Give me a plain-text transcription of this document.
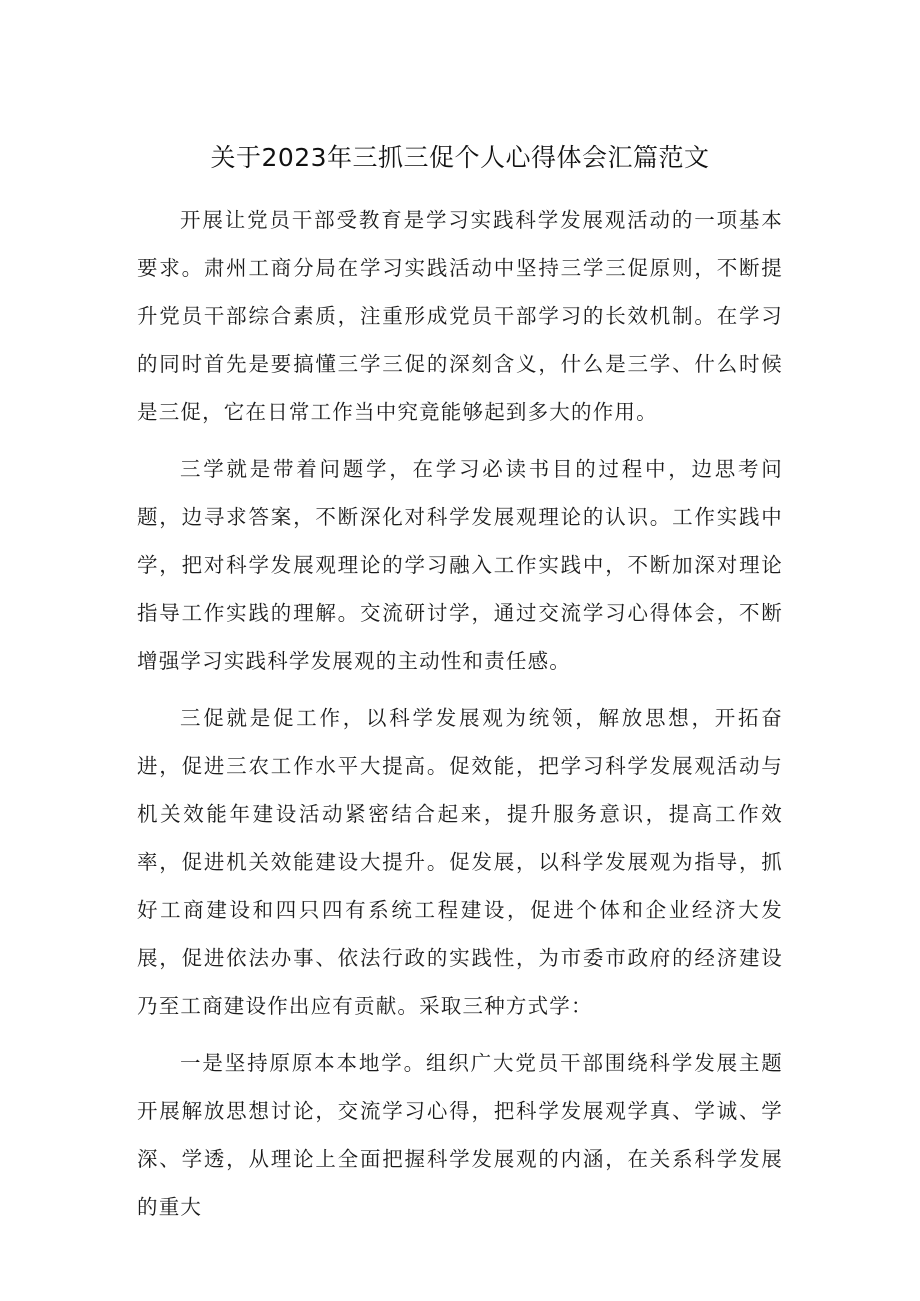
关于2023年三抓三促个人心得体会汇篇范文

开展让党员干部受教育是学习实践科学发展观活动的一项基本要求。肃州工商分局在学习实践活动中坚持三学三促原则，不断提升党员干部综合素质，注重形成党员干部学习的长效机制。在学习的同时首先是要搞懂三学三促的深刻含义，什么是三学、什么时候是三促，它在日常工作当中究竟能够起到多大的作用。

三学就是带着问题学，在学习必读书目的过程中，边思考问题，边寻求答案，不断深化对科学发展观理论的认识。工作实践中学，把对科学发展观理论的学习融入工作实践中，不断加深对理论指导工作实践的理解。交流研讨学，通过交流学习心得体会，不断增强学习实践科学发展观的主动性和责任感。

三促就是促工作，以科学发展观为统领，解放思想，开拓奋进，促进三农工作水平大提高。促效能，把学习科学发展观活动与机关效能年建设活动紧密结合起来，提升服务意识，提高工作效率，促进机关效能建设大提升。促发展，以科学发展观为指导，抓好工商建设和四只四有系统工程建设，促进个体和企业经济大发展，促进依法办事、依法行政的实践性，为市委市政府的经济建设乃至工商建设作出应有贡献。采取三种方式学：

一是坚持原原本本地学。组织广大党员干部围绕科学发展主题开展解放思想讨论，交流学习心得，把科学发展观学真、学诚、学深、学透，从理论上全面把握科学发展观的内涵，在关系科学发展的重大
